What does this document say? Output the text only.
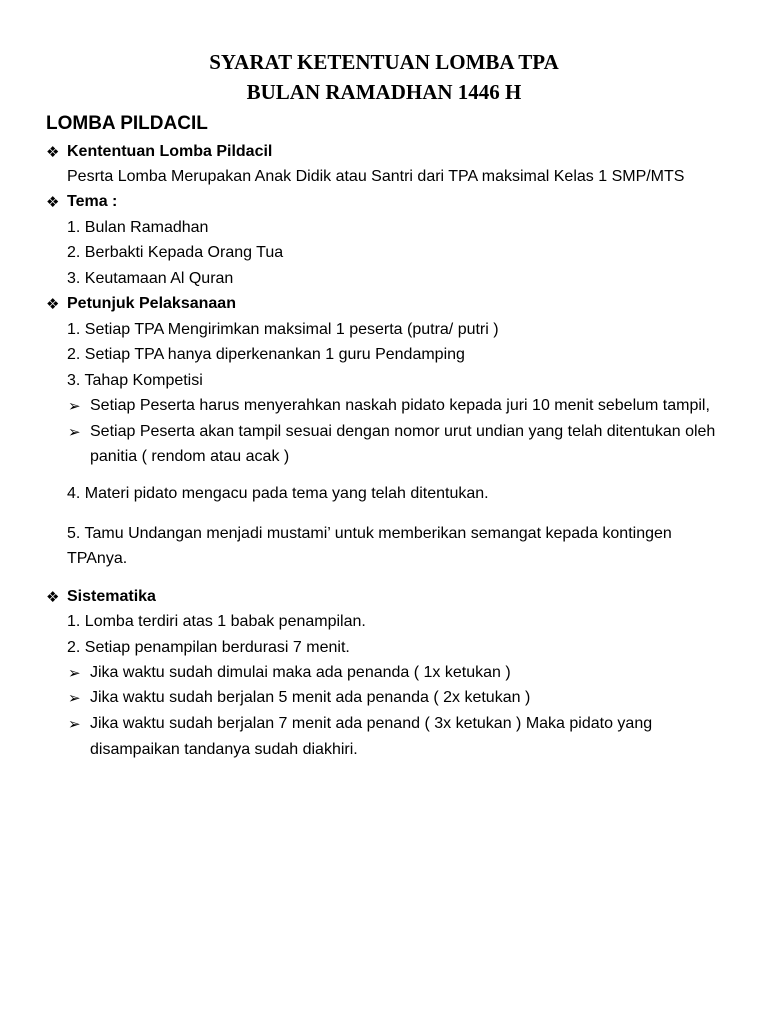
SYARAT KETENTUAN LOMBA TPA
BULAN RAMADHAN 1446 H
LOMBA PILDACIL
❖ Kententuan Lomba Pildacil
Pesrta Lomba Merupakan Anak Didik atau Santri dari TPA maksimal Kelas 1 SMP/MTS
❖ Tema :
1. Bulan Ramadhan
2. Berbakti Kepada Orang Tua
3. Keutamaan Al Quran
❖ Petunjuk Pelaksanaan
1. Setiap TPA Mengirimkan maksimal 1 peserta (putra/ putri )
2. Setiap TPA hanya diperkenankan 1 guru Pendamping
3. Tahap Kompetisi
➢ Setiap Peserta harus menyerahkan naskah pidato kepada juri 10 menit sebelum tampil,
➢ Setiap Peserta akan tampil sesuai dengan nomor urut undian yang telah ditentukan oleh
panitia ( rendom atau acak )
4. Materi pidato mengacu pada tema yang telah ditentukan.
5. Tamu Undangan menjadi mustami’ untuk memberikan semangat kepada kontingen
TPAnya.
❖ Sistematika
1. Lomba terdiri atas 1 babak penampilan.
2. Setiap penampilan berdurasi 7 menit.
➢ Jika waktu sudah dimulai maka ada penanda ( 1x ketukan )
➢ Jika waktu sudah berjalan 5 menit ada penanda ( 2x ketukan )
➢ Jika waktu sudah berjalan 7 menit ada penand ( 3x ketukan ) Maka pidato yang
disampaikan tandanya sudah diakhiri.
